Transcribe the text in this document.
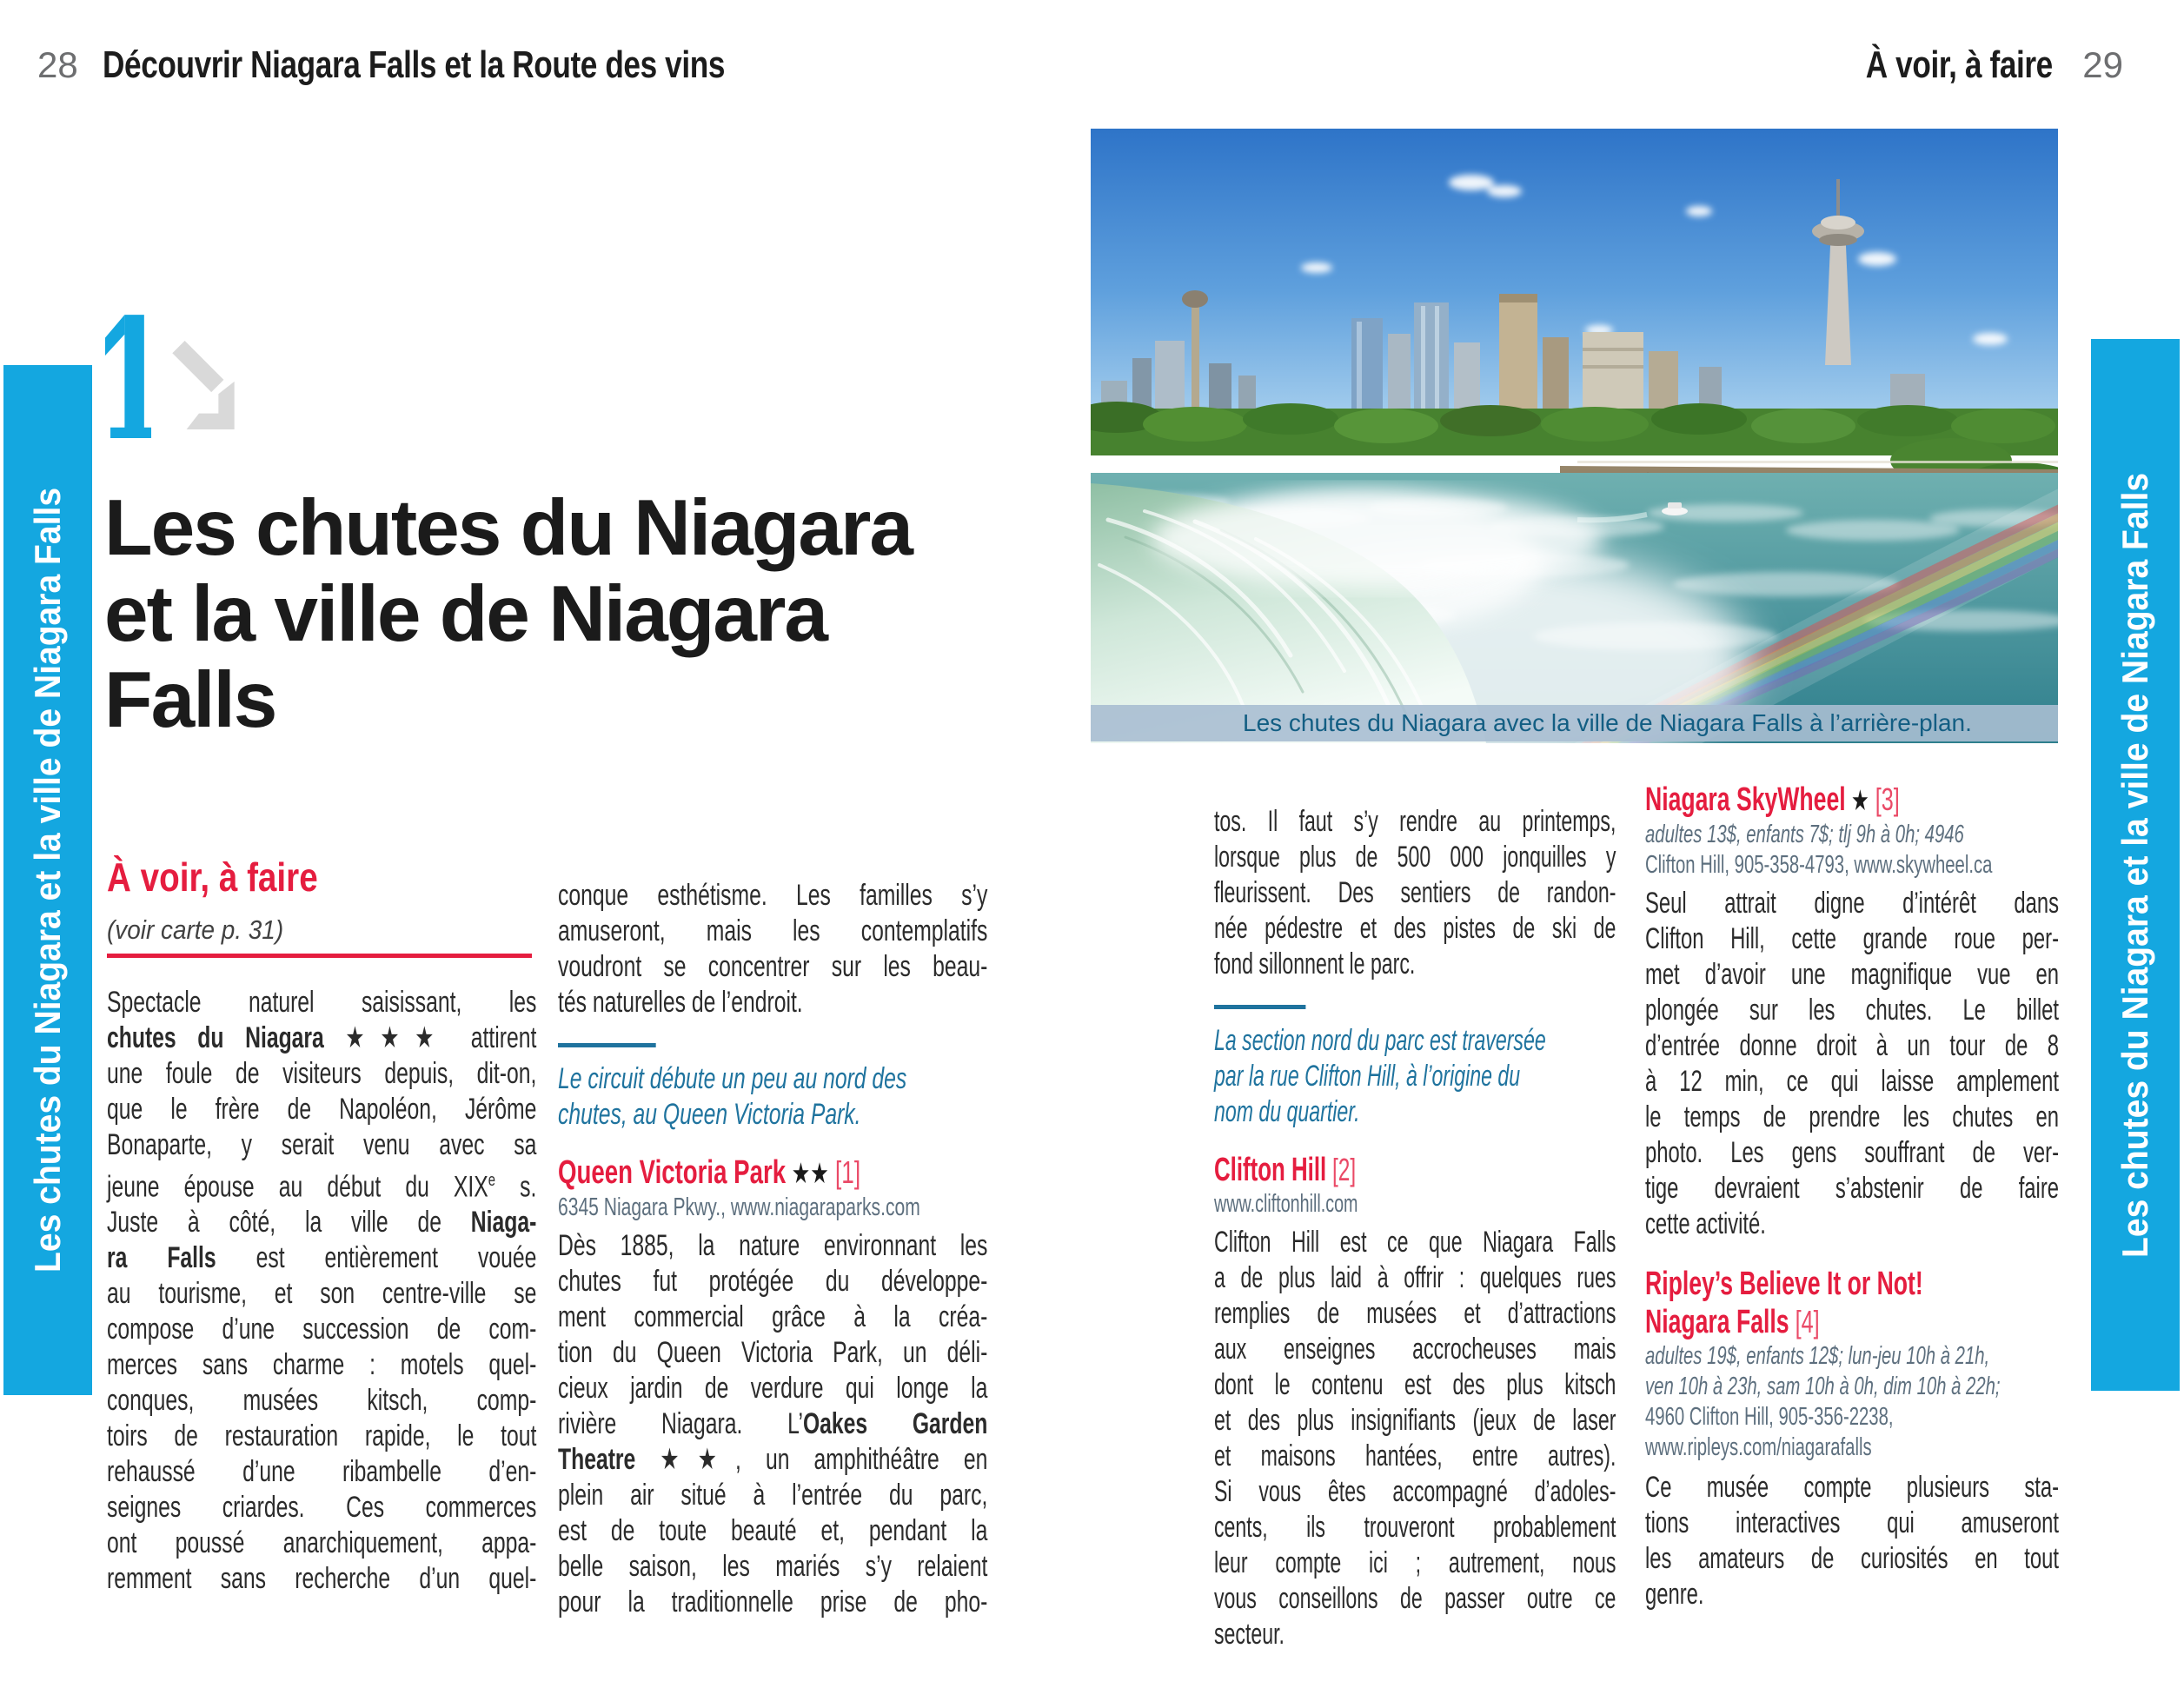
28 Découvrir Niagara Falls et la Route des vins	À voir, à faire 29
Les chutes du Niagara et la ville de Niagara Falls	Les chutes du Niagara et la ville de Niagara Falls
Les chutes du Niagara
et la ville de Niagara
Falls
À voir, à faire
(voir carte p. 31)
Les chutes du Niagara avec la ville de Niagara Falls à l’arrière-plan.
Spectacle naturel saisissant, les
chutes du Niagara ★★★ attirent
une foule de visiteurs depuis, dit-on,
que le frère de Napoléon, Jérôme
Bonaparte, y serait venu avec sa
jeune épouse au début du XIXe s.
Juste à côté, la ville de Niaga-
ra Falls est entièrement vouée
au tourisme, et son centre-ville se
compose d’une succession de com-
merces sans charme : motels quel-
conques, musées kitsch, comp-
toirs de restauration rapide, le tout
rehaussé d’une ribambelle d’en-
seignes criardes. Ces commerces
ont poussé anarchiquement, appa-
remment sans recherche d’un quel-
conque esthétisme. Les familles s’y
amuseront, mais les contemplatifs
voudront se concentrer sur les beau-
tés naturelles de l’endroit.
Le circuit débute un peu au nord des
chutes, au Queen Victoria Park.
Queen Victoria Park ★★ [1]
6345 Niagara Pkwy., www.niagaraparks.com
Dès 1885, la nature environnant les
chutes fut protégée du développe-
ment commercial grâce à la créa-
tion du Queen Victoria Park, un déli-
cieux jardin de verdure qui longe la
rivière Niagara. L’Oakes Garden
Theatre ★★, un amphithéâtre en
plein air situé à l’entrée du parc,
est de toute beauté et, pendant la
belle saison, les mariés s’y relaient
pour la traditionnelle prise de pho-
tos. Il faut s’y rendre au printemps,
lorsque plus de 500 000 jonquilles y
fleurissent. Des sentiers de randon-
née pédestre et des pistes de ski de
fond sillonnent le parc.
La section nord du parc est traversée
par la rue Clifton Hill, à l’origine du
nom du quartier.
Clifton Hill [2]
www.cliftonhill.com
Clifton Hill est ce que Niagara Falls
a de plus laid à offrir : quelques rues
remplies de musées et d’attractions
aux enseignes accrocheuses mais
dont le contenu est des plus kitsch
et des plus insignifiants (jeux de laser
et maisons hantées, entre autres).
Si vous êtes accompagné d’adoles-
cents, ils trouveront probablement
leur compte ici ; autrement, nous
vous conseillons de passer outre ce
secteur.
Niagara SkyWheel ★ [3]
adultes 13$, enfants 7$; tlj 9h à 0h; 4946
Clifton Hill, 905-358-4793, www.skywheel.ca
Seul attrait digne d’intérêt dans
Clifton Hill, cette grande roue per-
met d’avoir une magnifique vue en
plongée sur les chutes. Le billet
d’entrée donne droit à un tour de 8
à 12 min, ce qui laisse amplement
le temps de prendre les chutes en
photo. Les gens souffrant de ver-
tige devraient s’abstenir de faire
cette activité.
Ripley’s Believe It or Not!
Niagara Falls [4]
adultes 19$, enfants 12$; lun-jeu 10h à 21h,
ven 10h à 23h, sam 10h à 0h, dim 10h à 22h;
4960 Clifton Hill, 905-356-2238,
www.ripleys.com/niagarafalls
Ce musée compte plusieurs sta-
tions interactives qui amuseront
les amateurs de curiosités en tout
genre.
